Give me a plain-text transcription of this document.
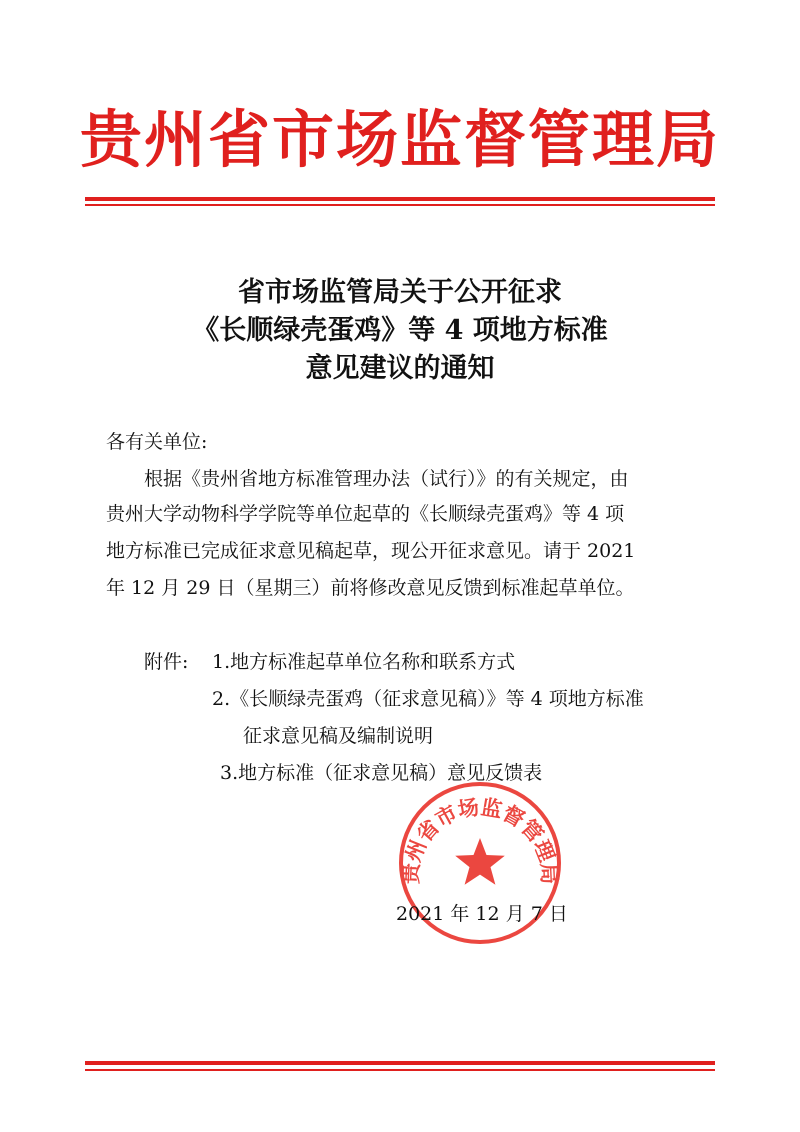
贵州省市场监督管理局
省市场监管局关于公开征求
《长顺绿壳蛋鸡》等 4 项地方标准
意见建议的通知
各有关单位:
　　根据《贵州省地方标准管理办法（试行）》的有关规定，由
贵州大学动物科学学院等单位起草的《长顺绿壳蛋鸡》等 4 项
地方标准已完成征求意见稿起草，现公开征求意见。请于 2021
年 12 月 29 日（星期三）前将修改意见反馈到标准起草单位。
附件: 1.地方标准起草单位名称和联系方式
2.《长顺绿壳蛋鸡（征求意见稿）》等 4 项地方标准
征求意见稿及编制说明
3.地方标准（征求意见稿）意见反馈表
贵州省市场监督管理局
2021 年 12 月 7 日
